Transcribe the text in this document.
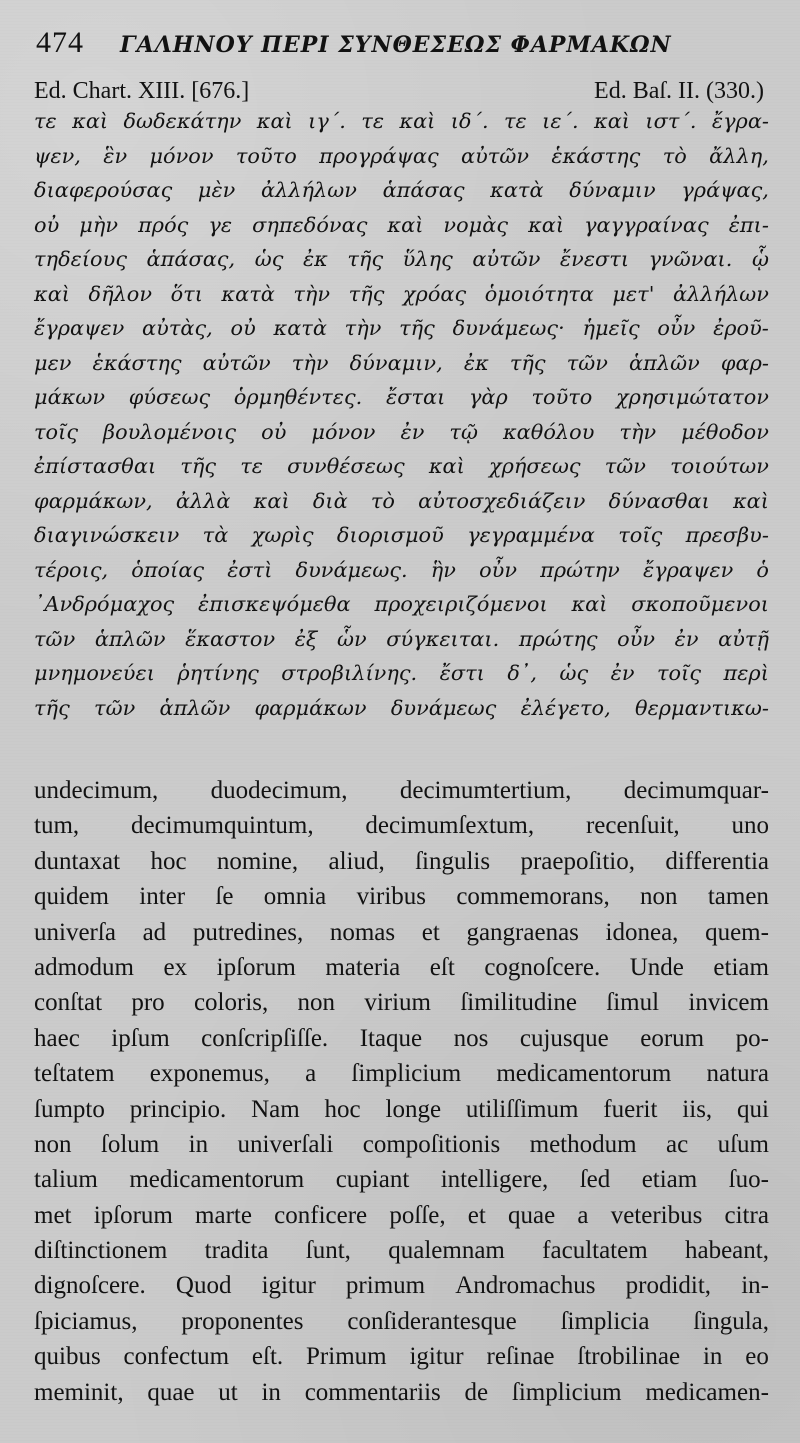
474 ΓΑΛΗΝΟΥ ΠΕΡΙ ΣΥΝΘΕΣΕΩΣ ΦΑΡΜΑΚΩΝ
Ed. Chart. XIII. [676.]	Ed. Baſ. II. (330.)
τε καὶ δωδεκάτην καὶ ιγ´. τε καὶ ιδ´. τε ιε´. καὶ ιστ´. ἔγρα-
ψεν, ἓν μόνον τοῦτο προγράψας αὐτῶν ἑκάστης τὸ ἄλλη,
διαφερούσας μὲν ἀλλήλων ἁπάσας κατὰ δύναμιν γράψας,
οὐ μὴν πρός γε σηπεδόνας καὶ νομὰς καὶ γαγγραίνας ἐπι-
τηδείους ἁπάσας, ὡς ἐκ τῆς ὕλης αὐτῶν ἔνεστι γνῶναι. ᾧ
καὶ δῆλον ὅτι κατὰ τὴν τῆς χρόας ὁμοιότητα μετ' ἀλλήλων
ἔγραψεν αὐτὰς, οὐ κατὰ τὴν τῆς δυνάμεως· ἡμεῖς οὖν ἐροῦ-
μεν ἑκάστης αὐτῶν τὴν δύναμιν, ἐκ τῆς τῶν ἁπλῶν φαρ-
μάκων φύσεως ὁρμηθέντες. ἔσται γὰρ τοῦτο χρησιμώτατον
τοῖς βουλομένοις οὐ μόνον ἐν τῷ καθόλου τὴν μέθοδον
ἐπίστασθαι τῆς τε συνθέσεως καὶ χρήσεως τῶν τοιούτων
φαρμάκων, ἀλλὰ καὶ διὰ τὸ αὐτοσχεδιάζειν δύνασθαι καὶ
διαγινώσκειν τὰ χωρὶς διορισμοῦ γεγραμμένα τοῖς πρεσβυ-
τέροις, ὁποίας ἐστὶ δυνάμεως. ἣν οὖν πρώτην ἔγραψεν ὁ
᾿Ανδρόμαχος ἐπισκεψόμεθα προχειριζόμενοι καὶ σκοποῦμενοι
τῶν ἁπλῶν ἕκαστον ἐξ ὧν σύγκειται. πρώτης οὖν ἐν αὐτῇ
μνημονεύει ῥητίνης στροβιλίνης. ἔστι δ᾿, ὡς ἐν τοῖς περὶ
τῆς τῶν ἁπλῶν φαρμάκων δυνάμεως ἐλέγετο, θερμαντικω-
undecimum, duodecimum, decimumtertium, decimumquar-
tum, decimumquintum, decimumſextum, recenſuit, uno
duntaxat hoc nomine, aliud, ſingulis praepoſitio, differentia
quidem inter ſe omnia viribus commemorans, non tamen
univerſa ad putredines, nomas et gangraenas idonea, quem-
admodum ex ipſorum materia eſt cognoſcere. Unde etiam
conſtat pro coloris, non virium ſimilitudine ſimul invicem
haec ipſum conſcripſiſſe. Itaque nos cujusque eorum po-
teſtatem exponemus, a ſimplicium medicamentorum natura
ſumpto principio. Nam hoc longe utiliſſimum fuerit iis, qui
non ſolum in univerſali compoſitionis methodum ac uſum
talium medicamentorum cupiant intelligere, ſed etiam ſuo-
met ipſorum marte conficere poſſe, et quae a veteribus citra
diſtinctionem tradita ſunt, qualemnam facultatem habeant,
dignoſcere. Quod igitur primum Andromachus prodidit, in-
ſpiciamus, proponentes conſiderantesque ſimplicia ſingula,
quibus confectum eſt. Primum igitur reſinae ſtrobilinae in eo
meminit, quae ut in commentariis de ſimplicium medicamen-
